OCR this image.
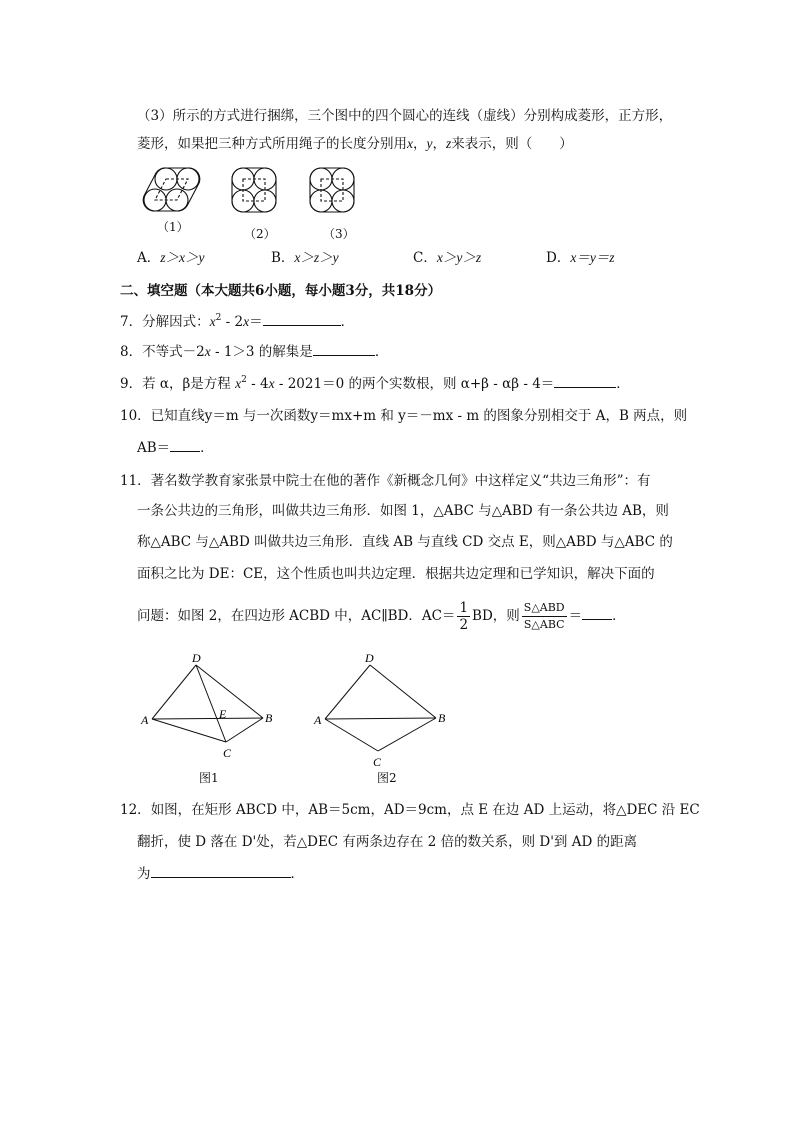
（3）所示的方式进行捆绑，三个图中的四个圆心的连线（虚线）分别构成菱形，正方形，
菱形，如果把三种方式所用绳子的长度分别用x，y，z来表示，则（　　）
（1）	（2）	（3）
A．z＞x＞y	B．x＞z＞y	C．x＞y＞z	D．x＝y＝z
二、填空题（本大题共6小题，每小题3分，共18分）
7．分解因式：$x^2 - 2x=$	．
8．不等式－2x - 1＞3 的解集是	．
9．若 α，β是方程 $x^2 - 4x - 2021=0$ 的两个实数根，则 α+β - αβ - 4＝	．
10．已知直线y＝m 与一次函数y＝mx+m 和 y＝－mx - m 的图象分别相交于 A，B 两点，则
AB＝ ．
11．著名数学教育家张景中院士在他的著作《新概念几何》中这样定义“共边三角形”：有
一条公共边的三角形，叫做共边三角形．如图 1，△ABC 与△ABD 有一条公共边 AB，则
称△ABC 与△ABD 叫做共边三角形．直线 AB 与直线 CD 交点 E，则△ABD 与△ABC 的
面积之比为 DE：CE，这个性质也叫共边定理．根据共边定理和已学知识，解决下面的
问题：如图 2，在四边形 ACBD 中，AC∥BD．$AC= \frac{1}{2}$ BD，则 $\frac{\text{S△ABD}}{\text{S△ABC}}$ ＝ ．
D
A	E	B
C
图1
D
A	B
C
图2
12．如图，在矩形 ABCD 中，AB＝5cm，AD＝9cm，点 E 在边 AD 上运动，将△DEC 沿 EC
翻折，使 D 落在 D'处，若△DEC 有两条边存在 2 倍的数关系，则 D'到 AD 的距离
为	．
